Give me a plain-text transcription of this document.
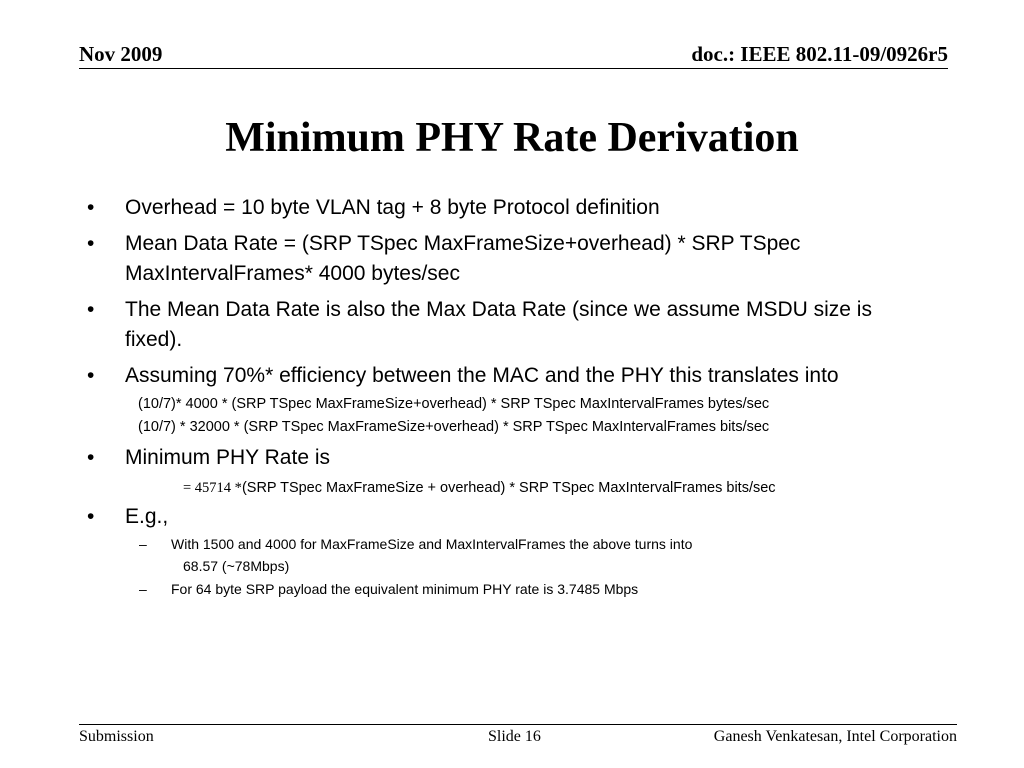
Nov 2009	doc.: IEEE 802.11-09/0926r5
Minimum PHY Rate Derivation
• Overhead = 10 byte VLAN tag + 8 byte Protocol definition
• Mean Data Rate = (SRP TSpec MaxFrameSize+overhead) * SRP TSpec MaxIntervalFrames* 4000 bytes/sec
• The Mean Data Rate is also the Max Data Rate (since we assume MSDU size is fixed).
• Assuming 70%* efficiency between the MAC and the PHY this translates into
(10/7)* 4000 * (SRP TSpec MaxFrameSize+overhead) * SRP TSpec MaxIntervalFrames bytes/sec
(10/7) * 32000 * (SRP TSpec MaxFrameSize+overhead) * SRP TSpec MaxIntervalFrames bits/sec
• Minimum PHY Rate is
= 45714 *(SRP TSpec MaxFrameSize + overhead) * SRP TSpec MaxIntervalFrames bits/sec
• E.g.,
– With 1500 and 4000 for MaxFrameSize and MaxIntervalFrames the above turns into
68.57 (~78Mbps)
– For 64 byte SRP payload the equivalent minimum PHY rate is 3.7485 Mbps
Submission	Slide 16	Ganesh Venkatesan, Intel Corporation
